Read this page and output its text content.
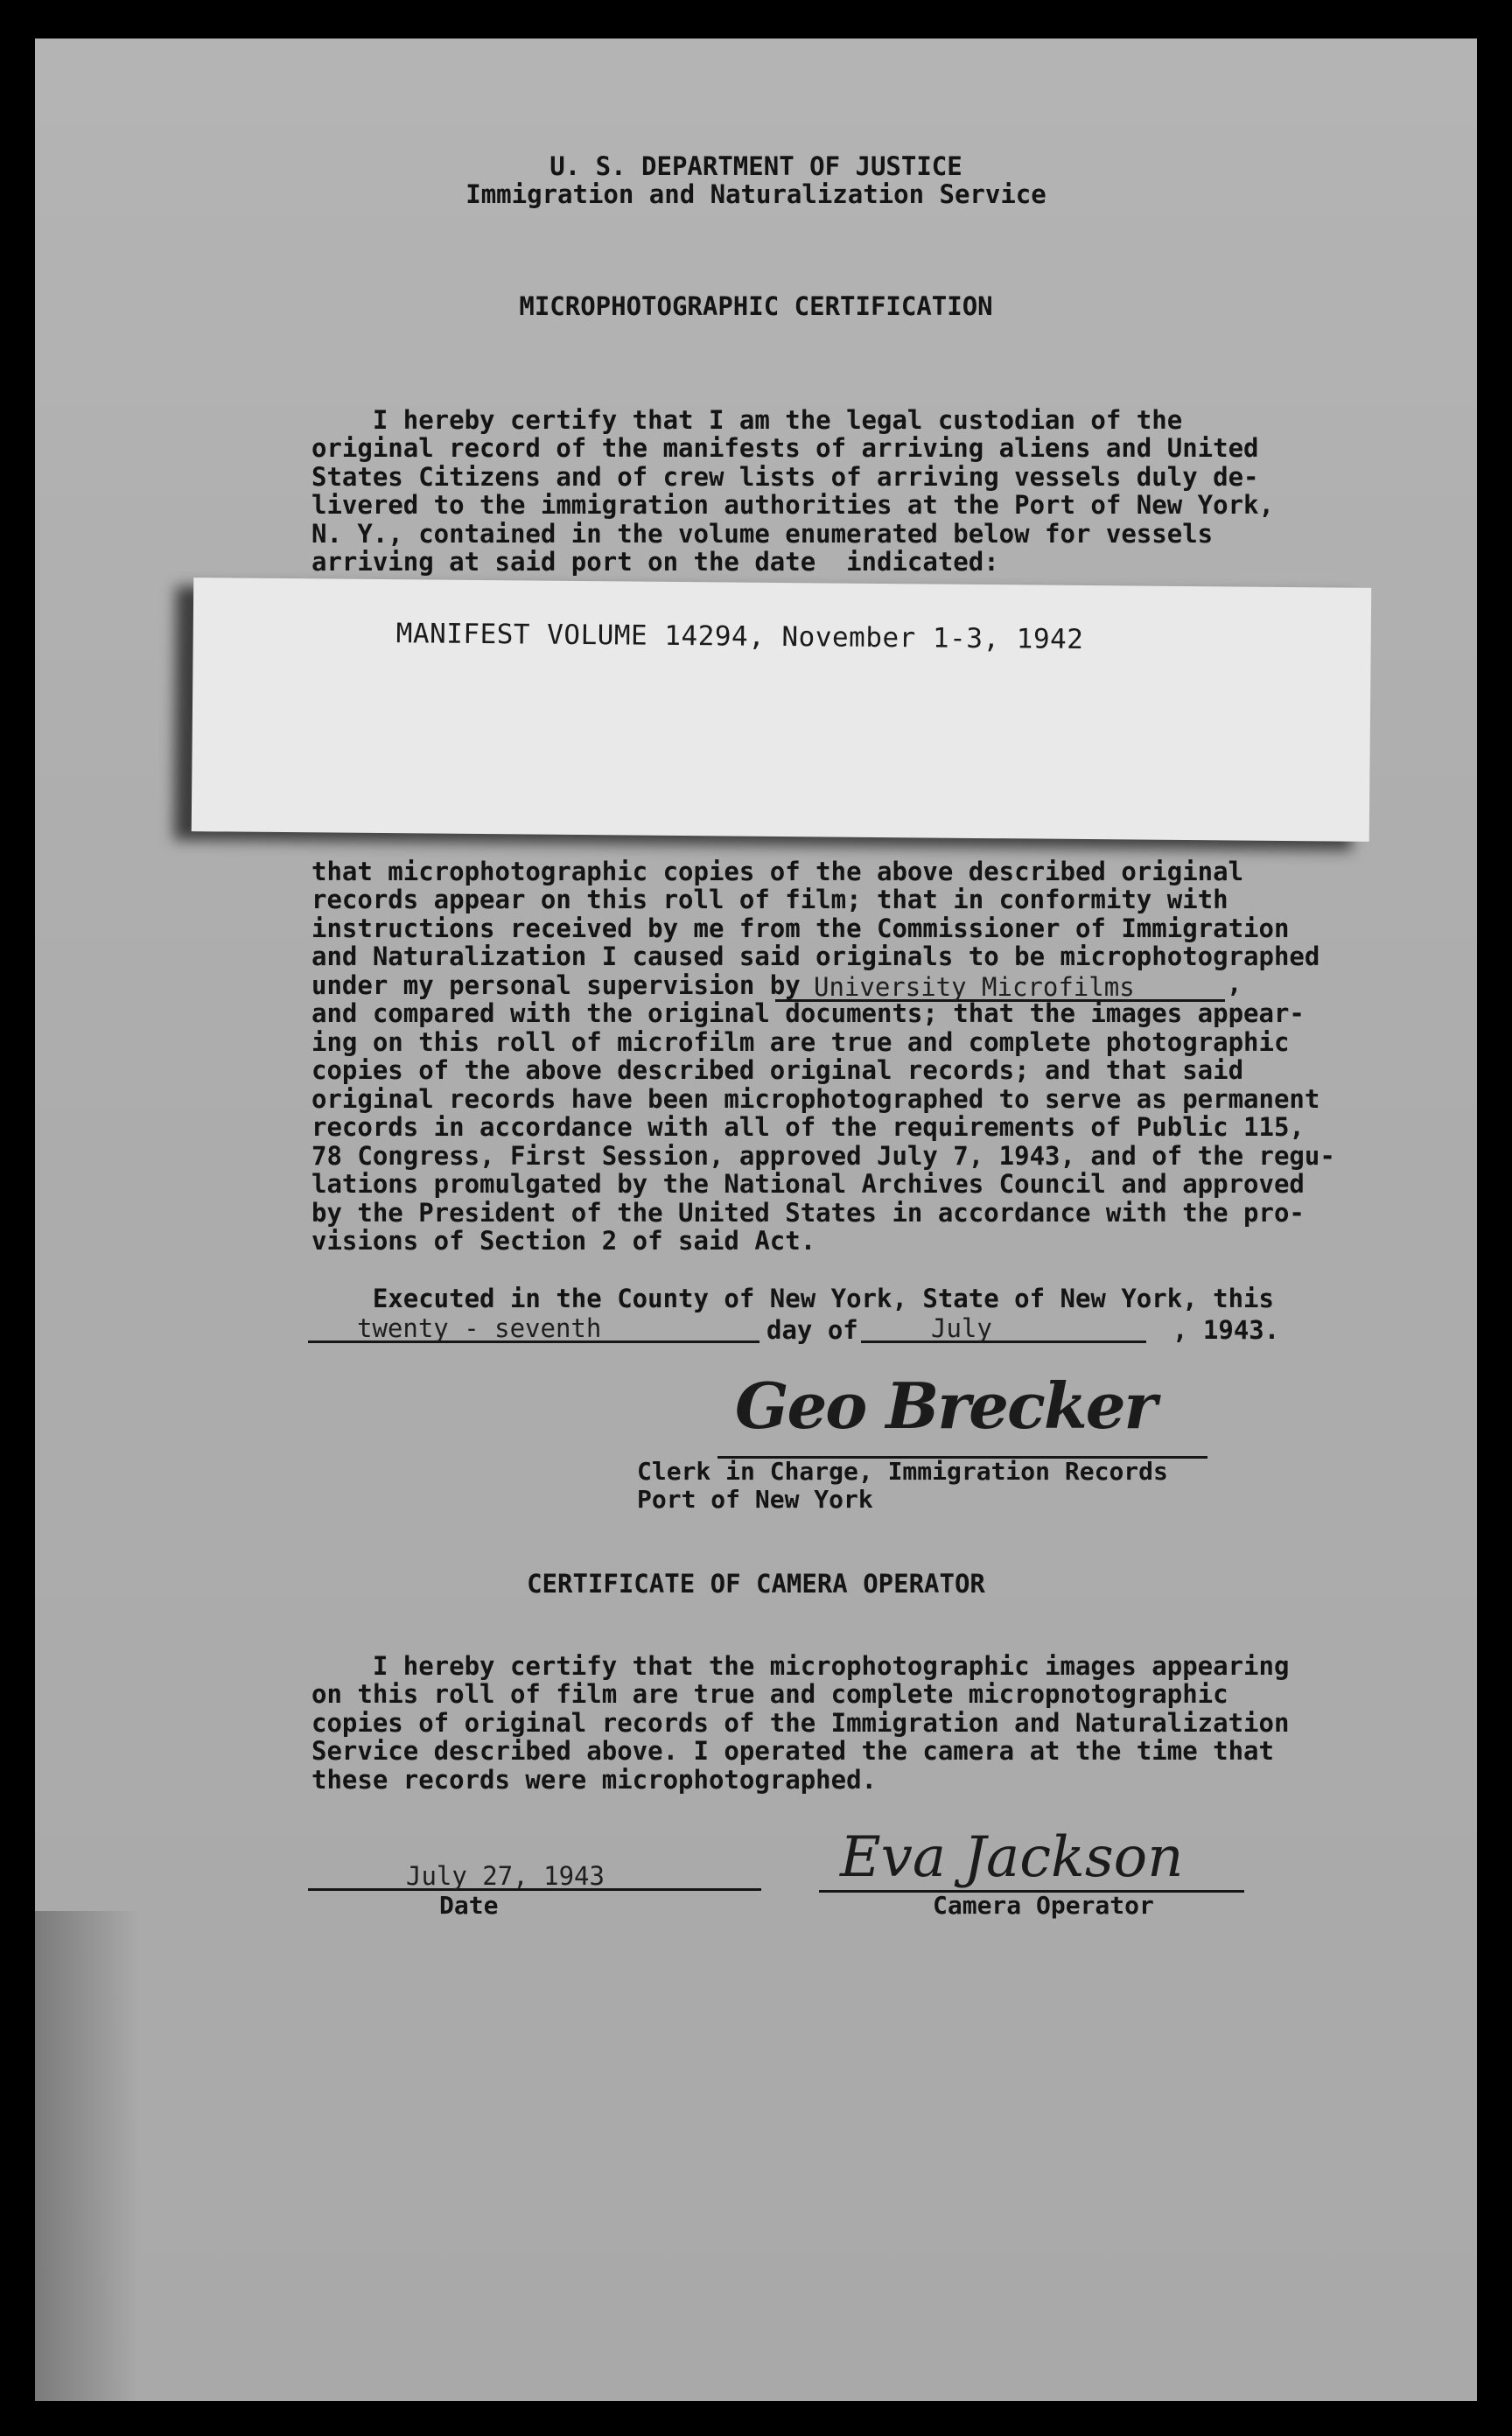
U. S. DEPARTMENT OF JUSTICE
Immigration and Naturalization Service
MICROPHOTOGRAPHIC CERTIFICATION
I hereby certify that I am the legal custodian of the
original record of the manifests of arriving aliens and United
States Citizens and of crew lists of arriving vessels duly de-
livered to the immigration authorities at the Port of New York,
N. Y., contained in the volume enumerated below for vessels
arriving at said port on the date  indicated:
MANIFEST VOLUME 14294, November 1-3, 1942
that microphotographic copies of the above described original
records appear on this roll of film; that in conformity with
instructions received by me from the Commissioner of Immigration
and Naturalization I caused said originals to be microphotographed
under my personal supervision by University Microfilms	,
and compared with the original documents; that the images appear-
ing on this roll of microfilm are true and complete photographic
copies of the above described original records; and that said
original records have been microphotographed to serve as permanent
records in accordance with all of the requirements of Public 115,
78 Congress, First Session, approved July 7, 1943, and of the regu-
lations promulgated by the National Archives Council and approved
by the President of the United States in accordance with the pro-
visions of Section 2 of said Act.
Executed in the County of New York, State of New York, this
twenty - seventh	day of	July	, 1943.
Geo Brecker
Clerk in Charge, Immigration Records
Port of New York
CERTIFICATE OF CAMERA OPERATOR
I hereby certify that the microphotographic images appearing
on this roll of film are true and complete micropnotographic
copies of original records of the Immigration and Naturalization
Service described above. I operated the camera at the time that
these records were microphotographed.
July 27, 1943
Date
Eva Jackson
Camera Operator
